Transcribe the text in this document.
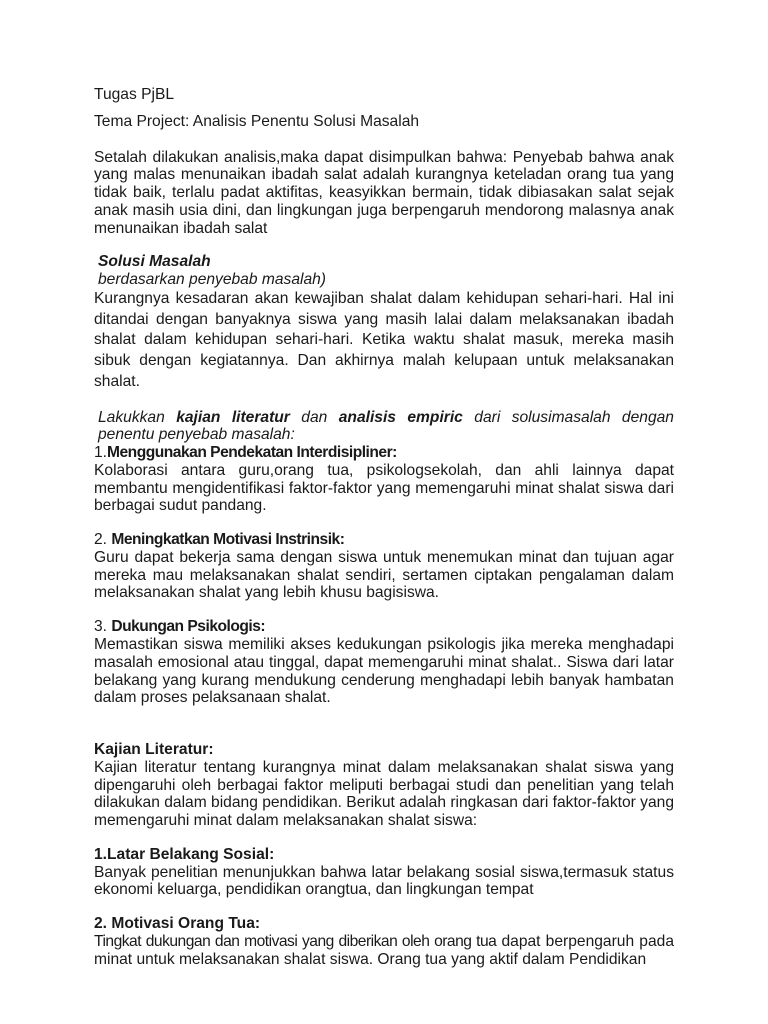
Tugas PjBL

Tema Project: Analisis Penentu Solusi Masalah

Setalah dilakukan analisis,maka dapat disimpulkan bahwa: Penyebab bahwa anak yang malas menunaikan ibadah salat adalah kurangnya keteladan orang tua yang tidak baik, terlalu padat aktifitas, keasyikkan bermain, tidak dibiasakan salat sejak anak masih usia dini, dan lingkungan juga berpengaruh mendorong malasnya anak menunaikan ibadah salat

Solusi Masalah

berdasarkan penyebab masalah)

Kurangnya kesadaran akan kewajiban shalat dalam kehidupan sehari-hari. Hal ini ditandai dengan banyaknya siswa yang masih lalai dalam melaksanakan ibadah shalat dalam kehidupan sehari-hari. Ketika waktu shalat masuk, mereka masih sibuk dengan kegiatannya. Dan akhirnya malah kelupaan untuk melaksanakan shalat.

Lakukkan kajian literatur dan analisis empiric dari solusimasalah dengan penentu penyebab masalah:

1.Menggunakan Pendekatan Interdisipliner:

Kolaborasi antara guru,orang tua, psikologsekolah, dan ahli lainnya dapat membantu mengidentifikasi faktor-faktor yang memengaruhi minat shalat siswa dari berbagai sudut pandang.

2. Meningkatkan Motivasi Instrinsik:

Guru dapat bekerja sama dengan siswa untuk menemukan minat dan tujuan agar mereka mau melaksanakan shalat sendiri, sertamen ciptakan pengalaman dalam melaksanakan shalat yang lebih khusu bagisiswa.

3. Dukungan Psikologis:

Memastikan siswa memiliki akses kedukungan psikologis jika mereka menghadapi masalah emosional atau tinggal, dapat memengaruhi minat shalat.. Siswa dari latar belakang yang kurang mendukung cenderung menghadapi lebih banyak hambatan dalam proses pelaksanaan shalat.

Kajian Literatur:

Kajian literatur tentang kurangnya minat dalam melaksanakan shalat siswa yang dipengaruhi oleh berbagai faktor meliputi berbagai studi dan penelitian yang telah dilakukan dalam bidang pendidikan. Berikut adalah ringkasan dari faktor-faktor yang memengaruhi minat dalam melaksanakan shalat siswa:

1.Latar Belakang Sosial:

Banyak penelitian menunjukkan bahwa latar belakang sosial siswa,termasuk status ekonomi keluarga, pendidikan orangtua, dan lingkungan tempat

2. Motivasi Orang Tua:

Tingkat dukungan dan motivasi yang diberikan oleh orang tua dapat berpengaruh pada minat untuk melaksanakan shalat siswa. Orang tua yang aktif dalam Pendidikan
